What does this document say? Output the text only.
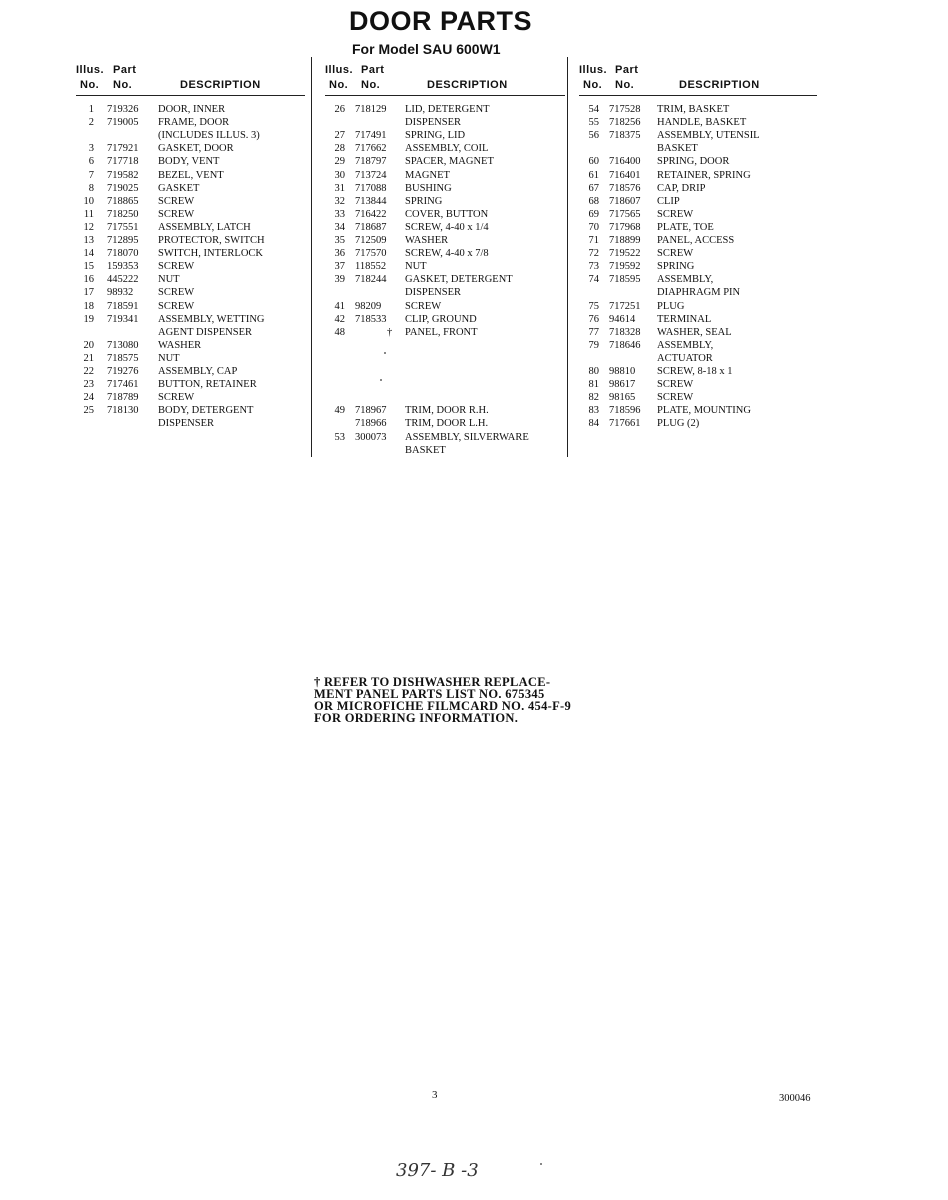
DOOR PARTS
For Model SAU 600W1
Illus. Part
No. No.	DESCRIPTION
1 719326 DOOR, INNER
2 719005 FRAME, DOOR
(INCLUDES ILLUS. 3)
3 717921 GASKET, DOOR
6 717718 BODY, VENT
7 719582 BEZEL, VENT
8 719025 GASKET
10 718865 SCREW
11 718250 SCREW
12 717551 ASSEMBLY, LATCH
13 712895 PROTECTOR, SWITCH
14 718070 SWITCH, INTERLOCK
15 159353 SCREW
16 445222 NUT
17 98932 SCREW
18 718591 SCREW
19 719341 ASSEMBLY, WETTING
AGENT DISPENSER
20 713080 WASHER
21 718575 NUT
22 719276 ASSEMBLY, CAP
23 717461 BUTTON, RETAINER
24 718789 SCREW
25 718130 BODY, DETERGENT
DISPENSER
Illus. Part
No. No.	DESCRIPTION
26 718129 LID, DETERGENT
DISPENSER
27 717491 SPRING, LID
28 717662 ASSEMBLY, COIL
29 718797 SPACER, MAGNET
30 713724 MAGNET
31 717088 BUSHING
32 713844 SPRING
33 716422 COVER, BUTTON
34 718687 SCREW, 4-40 x 1/4
35 712509 WASHER
36 717570 SCREW, 4-40 x 7/8
37 118552 NUT
39 718244 GASKET, DETERGENT
DISPENSER
41 98209 SCREW
42 718533 CLIP, GROUND
48	† PANEL, FRONT
49 718967 TRIM, DOOR R.H.
718966 TRIM, DOOR L.H.
53 300073 ASSEMBLY, SILVERWARE
BASKET
Illus. Part
No. No.	DESCRIPTION
54 717528 TRIM, BASKET
55 718256 HANDLE, BASKET
56 718375 ASSEMBLY, UTENSIL
BASKET
60 716400 SPRING, DOOR
61 716401 RETAINER, SPRING
67 718576 CAP, DRIP
68 718607 CLIP
69 717565 SCREW
70 717968 PLATE, TOE
71 718899 PANEL, ACCESS
72 719522 SCREW
73 719592 SPRING
74 718595 ASSEMBLY,
DIAPHRAGM PIN
75 717251 PLUG
76 94614 TERMINAL
77 718328 WASHER, SEAL
79 718646 ASSEMBLY,
ACTUATOR
80 98810 SCREW, 8-18 x 1
81 98617 SCREW
82 98165 SCREW
83 718596 PLATE, MOUNTING
84 717661 PLUG (2)
† REFER TO DISHWASHER REPLACE-
MENT PANEL PARTS LIST NO. 675345
OR MICROFICHE FILMCARD NO. 454-F-9
FOR ORDERING INFORMATION.
3	300046
397- B -3
